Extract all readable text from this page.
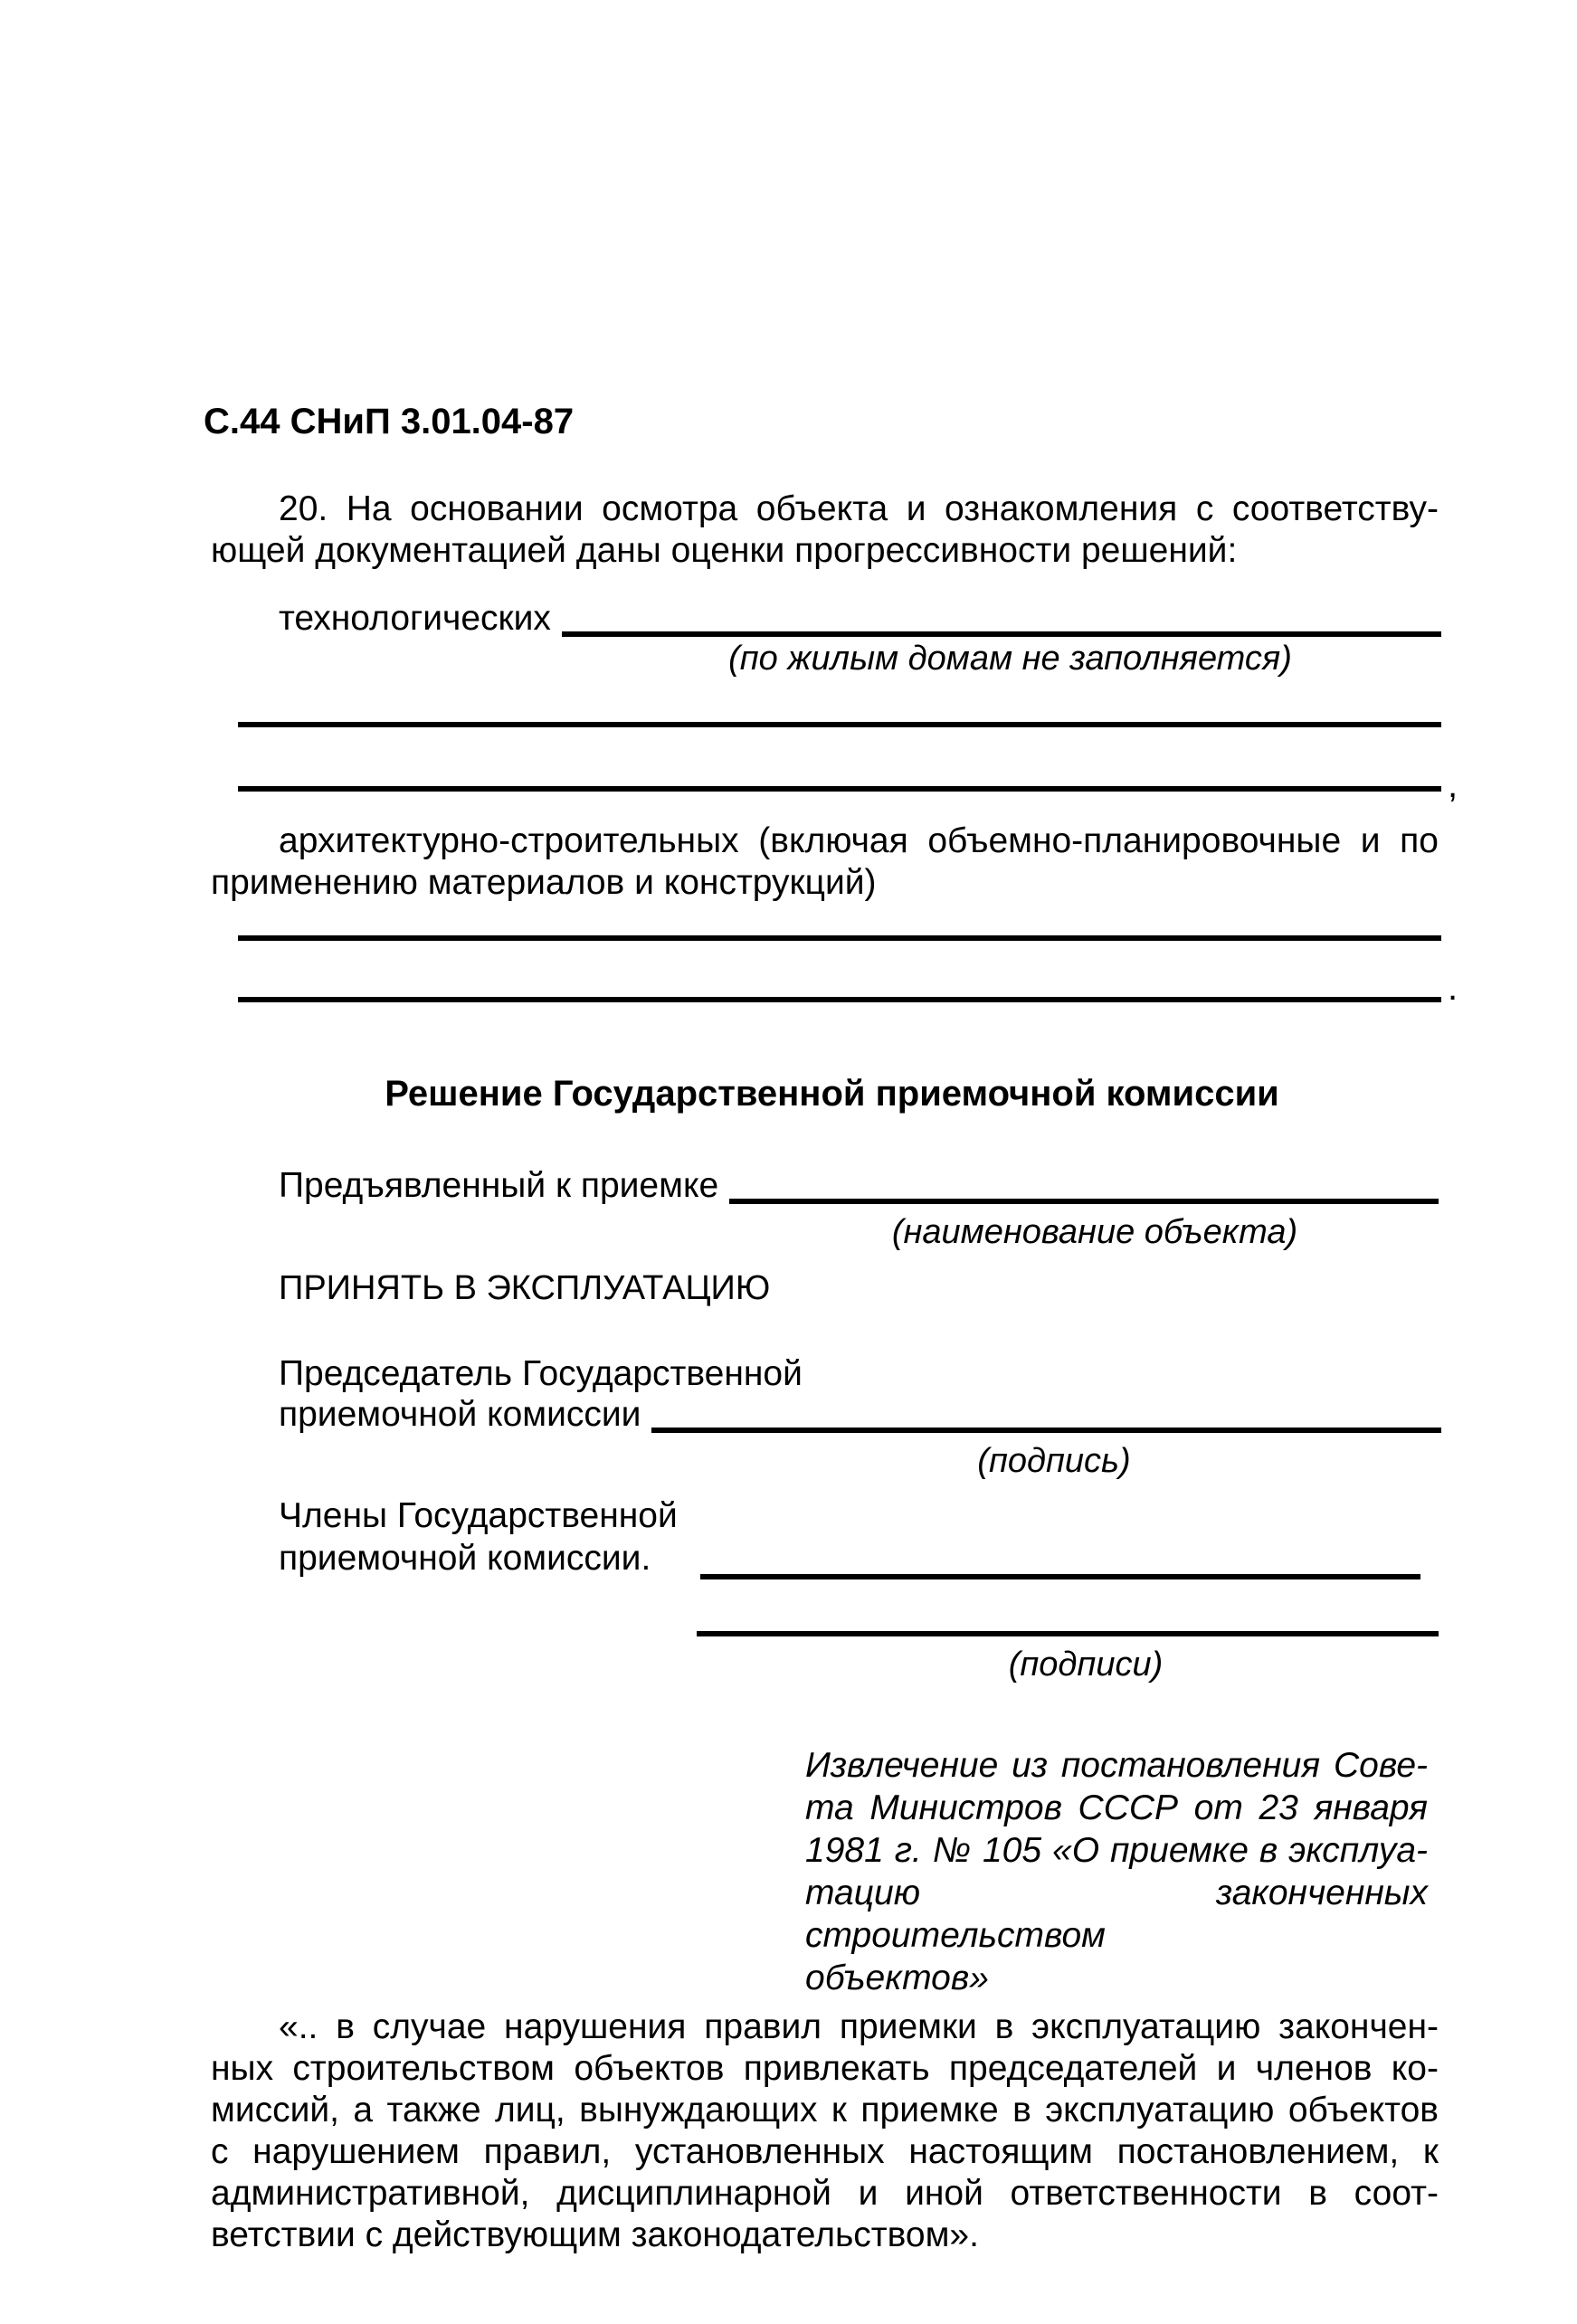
С.44 СНиП 3.01.04-87
20. На основании осмотра объекта и ознакомления с соответству-
ющей документацией даны оценки прогрессивности решений:
технологических
(по жилым домам не заполняется)
,
архитектурно-строительных (включая объемно-планировочные и по
применению материалов и конструкций)
.
Решение Государственной приемочной комиссии
Предъявленный к приемке
(наименование объекта)
ПРИНЯТЬ В ЭКСПЛУАТАЦИЮ
Председатель Государственной
приемочной комиссии
(подпись)
Члены Государственной
приемочной комиссии.
(подписи)
Извлечение из постановления Сове-
та Министров СССР от 23 января
1981 г. № 105 «О приемке в эксплуа-
тацию законченных строительством
объектов»
«.. в случае нарушения правил приемки в эксплуатацию закончен-
ных строительством объектов привлекать председателей и членов ко-
миссий, а также лиц, вынуждающих к приемке в эксплуатацию объектов
с нарушением правил, установленных настоящим постановлением, к
административной, дисциплинарной и иной ответственности в соот-
ветствии с действующим законодательством».
